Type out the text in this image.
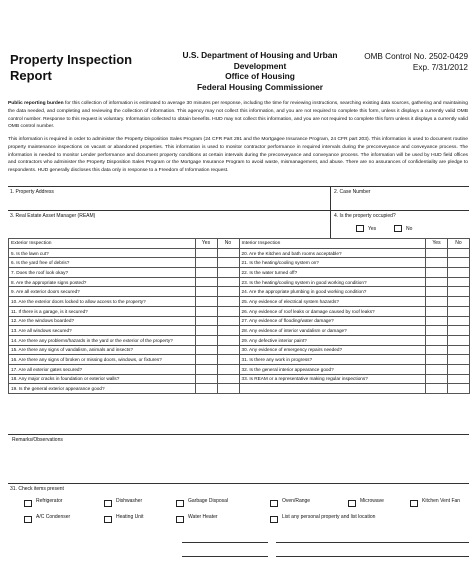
Property Inspection Report
U.S. Department of Housing and Urban
Development
Office of Housing
Federal Housing Commissioner
OMB Control No. 2502-0429
Exp. 7/31/2012
Public reporting burden for this collection of information is estimated to average 30 minutes per response, including the time for reviewing instructions, searching existing data sources, gathering and maintaining the data needed, and completing and reviewing the collection of information. This agency may not collect this information, and you are not required to complete this form, unless it displays a currently valid OMB control number. Response to this request is voluntary. Information collected to obtain benefits. HUD may not collect this information, and you are not required to complete this form unless it displays a currently valid OMB control number.
This information is required in order to administer the Property Disposition Sales Program (24 CFR Part 291 and the Mortgagee Insurance Program, 24 CFR part 203). This information is used to document routine property maintenance inspections on vacant or abandoned properties. This information is used to monitor contractor performance in required intervals during the preconveyance and conveyance process. The information is needed to monitor Lender performance and document property conditions at certain intervals during the preconveyance and conveyance process. The information will be used by HUD field offices and contractors who administer the Property Disposition Sales Program or the Mortgage Insurance Program to avoid waste, mismanagement, and abuse. There are no assurances of confidentiality are pledge to respondents. HUD generally discloses this data only in response to a Freedom of Information request.
1. Property Address	2. Case Number
3. Real Estate Asset Manager (REAM)	4. Is the property occupied?
Yes	No
Exterior Inspection	Yes	No	Interior Inspection	Yes	No
5. Is the lawn cut?			20. Are the Kitchen and bath rooms acceptable?		
6. Is the yard free of debris?			21. Is the heating/cooling system on?		
7. Does the roof look okay?			22. Is the water turned off?		
8. Are the appropriate signs posted?			23. Is the heating/cooling system in good working condition?		
9. Are all exterior doors secured?			24. Are the appropriate plumbing in good working condition?		
10. Are the exterior doors locked to allow access to the property?			25. Any evidence of electrical system hazards?		
11. If there is a garage, is it secured?			26. Any evidence of roof leaks or damage caused by roof leaks?		
12. Are the windows boarded?			27. Any evidence of flooding/water damage?		
13. Are all windows secured?			28. Any evidence of interior vandalism or damage?		
14. Are there any problems/hazards in the yard or the exterior of the property?			29. Any defective interior paint?		
15. Are there any signs of vandalism, animals and insects?			30. Any evidence of emergency repairs needed?		
16. Are there any signs of broken or missing doors, windows, or fixtures?			31. Is there any work in progress?		
17. Are all exterior gates secured?			32. Is the general interior appearance good?		
18. Any major cracks in foundation or exterior walls?			33. Is REAM or a representative making regular inspections?		
19. Is the general exterior appearance good?					
Remarks/Observations
31. Check items present
Refrigerator	Dishwasher	Garbage Disposal	Oven/Range	Microwave	Kitchen Vent Fan
A/C Condenser	Heating Unit	Water Heater	List any personal property and list location
